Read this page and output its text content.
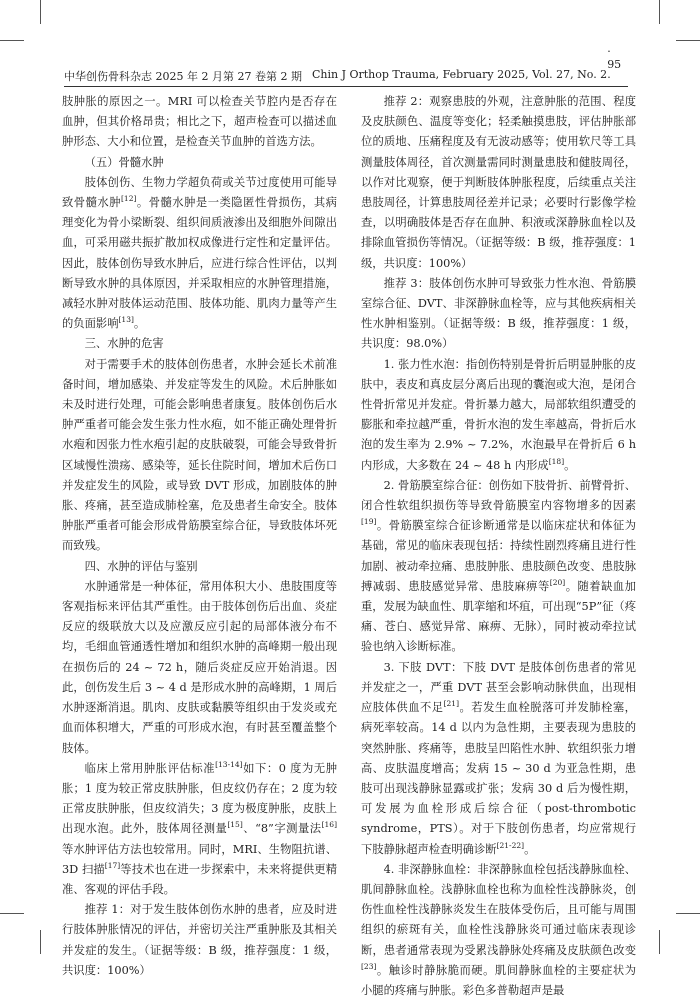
中华创伤骨科杂志 2025 年 2 月第 27 卷第 2 期 Chin J Orthop Trauma, February 2025, Vol. 27, No. 2
· 95 ·

肢肿胀的原因之一。MRI 可以检查关节腔内是否存在血肿，但其价格昂贵；相比之下，超声检查可以描述血肿形态、大小和位置，是检查关节血肿的首选方法。

（五）骨髓水肿

肢体创伤、生物力学超负荷或关节过度使用可能导致骨髓水肿[12]。骨髓水肿是一类隐匿性骨损伤，其病理变化为骨小梁断裂、组织间质液渗出及细胞外间隙出血，可采用磁共振扩散加权成像进行定性和定量评估。因此，肢体创伤导致水肿后，应进行综合性评估，以判断导致水肿的具体原因，并采取相应的水肿管理措施，减轻水肿对肢体运动范围、肢体功能、肌肉力量等产生的负面影响[13]。

三、水肿的危害

对于需要手术的肢体创伤患者，水肿会延长术前准备时间，增加感染、并发症等发生的风险。术后肿胀如未及时进行处理，可能会影响患者康复。肢体创伤后水肿严重者可能会发生张力性水疱，如不能正确处理骨折水疱和因张力性水疱引起的皮肤破裂，可能会导致骨折区域慢性溃疡、感染等，延长住院时间，增加术后伤口并发症发生的风险，或导致 DVT 形成，加剧肢体的肿胀、疼痛，甚至造成肺栓塞，危及患者生命安全。肢体肿胀严重者可能会形成骨筋膜室综合征，导致肢体坏死而致残。

四、水肿的评估与鉴别

水肿通常是一种体征，常用体积大小、患肢围度等客观指标来评估其严重性。由于肢体创伤后出血、炎症反应的级联放大以及应激反应引起的局部体液分布不均，毛细血管通透性增加和组织水肿的高峰期一般出现在损伤后的 24 ~ 72 h，随后炎症反应开始消退。因此，创伤发生后 3 ~ 4 d 是形成水肿的高峰期，1 周后水肿逐渐消退。肌肉、皮肤或黏膜等组织由于发炎或充血而体积增大，严重的可形成水泡，有时甚至覆盖整个肢体。

临床上常用肿胀评估标准[13-14]如下：0 度为无肿胀；1 度为较正常皮肤肿胀，但皮纹仍存在；2 度为较正常皮肤肿胀，但皮纹消失；3 度为极度肿胀，皮肤上出现水泡。此外，肢体周径测量[15]、“8”字测量法[16]等水肿评估方法也较常用。同时，MRI、生物阻抗谱、3D 扫描[17]等技术也在进一步探索中，未来将提供更精准、客观的评估手段。

推荐 1：对于发生肢体创伤水肿的患者，应及时进行肢体肿胀情况的评估，并密切关注严重肿胀及其相关并发症的发生。（证据等级：B 级，推荐强度：1 级，共识度：100%）

推荐 2：观察患肢的外观，注意肿胀的范围、程度及皮肤颜色、温度等变化；轻柔触摸患肢，评估肿胀部位的质地、压痛程度及有无波动感等；使用软尺等工具测量肢体周径，首次测量需同时测量患肢和健肢周径，以作对比观察，便于判断肢体肿胀程度，后续重点关注患肢周径，计算患肢周径差并记录；必要时行影像学检查，以明确肢体是否存在血肿、积液或深静脉血栓以及排除血管损伤等情况。（证据等级：B 级，推荐强度：1 级，共识度：100%）

推荐 3：肢体创伤水肿可导致张力性水泡、骨筋膜室综合征、DVT、非深静脉血栓等，应与其他疾病相关性水肿相鉴别。（证据等级：B 级，推荐强度：1 级，共识度：98.0%）

1. 张力性水泡：指创伤特别是骨折后明显肿胀的皮肤中，表皮和真皮层分离后出现的囊泡或大泡，是闭合性骨折常见并发症。骨折暴力越大，局部软组织遭受的膨胀和牵拉越严重，骨折水泡的发生率越高，骨折后水泡的发生率为 2.9% ~ 7.2%，水泡最早在骨折后 6 h 内形成，大多数在 24 ~ 48 h 内形成[18]。

2. 骨筋膜室综合征：创伤如下肢骨折、前臂骨折、闭合性软组织损伤等导致骨筋膜室内容物增多的因素[19]。骨筋膜室综合征诊断通常是以临床症状和体征为基础，常见的临床表现包括：持续性剧烈疼痛且进行性加剧、被动牵拉痛、患肢肿胀、患肢颜色改变、患肢脉搏减弱、患肢感觉异常、患肢麻痹等[20]。随着缺血加重，发展为缺血性、肌挛缩和坏疽，可出现“5P”征（疼痛、苍白、感觉异常、麻痹、无脉），同时被动牵拉试验也纳入诊断标准。

3. 下肢 DVT：下肢 DVT 是肢体创伤患者的常见并发症之一，严重 DVT 甚至会影响动脉供血，出现相应肢体供血不足[21]。若发生血栓脱落可并发肺栓塞，病死率较高。14 d 以内为急性期，主要表现为患肢的突然肿胀、疼痛等，患肢呈凹陷性水肿、软组织张力增高、皮肤温度增高；发病 15 ~ 30 d 为亚急性期，患肢可出现浅静脉显露或扩张；发病 30 d 后为慢性期，可发展为血栓形成后综合征（post-thrombotic syndrome，PTS）。对于下肢创伤患者，均应常规行下肢静脉超声检查明确诊断[21-22]。

4. 非深静脉血栓：非深静脉血栓包括浅静脉血栓、肌间静脉血栓。浅静脉血栓也称为血栓性浅静脉炎，创伤性血栓性浅静脉炎发生在肢体受伤后，且可能与周围组织的瘀斑有关，血栓性浅静脉炎可通过临床表现诊断，患者通常表现为受累浅静脉处疼痛及皮肤颜色改变[23]。触诊时静脉脆而硬。肌间静脉血栓的主要症状为小腿的疼痛与肿胀。彩色多普勒超声是最
